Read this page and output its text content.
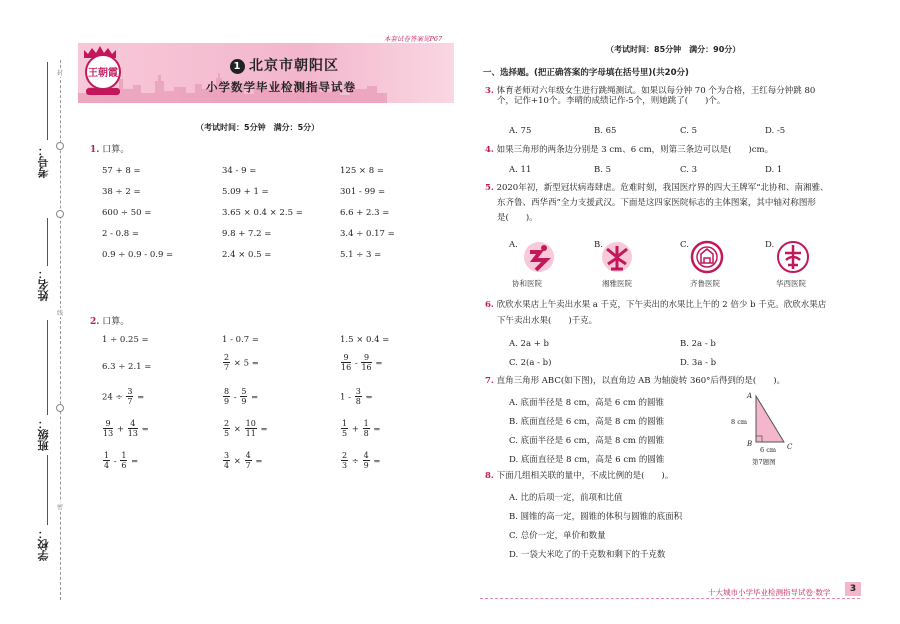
封
线
密
考号：
姓名：
班级：
学校：
王朝霞
本套试卷答案见P67
1 北京市朝阳区
小学数学毕业检测指导试卷
（考试时间：5分钟　满分：5分）
1. 口算。
57 + 8 =	34 - 9 =	125 × 8 =
38 ÷ 2 =	5.09 + 1 =	301 - 99 =
600 ÷ 50 =	3.65 × 0.4 × 2.5 =	6.6 + 2.3 =
2 - 0.8 =	9.8 + 7.2 =	3.4 ÷ 0.17 =
0.9 ÷ 0.9 - 0.9 =	2.4 × 0.5 =	5.1 ÷ 3 =
2. 口算。
1 ÷ 0.25 =	1 - 0.7 =	1.5 × 0.4 =
6.3 ÷ 2.1 =	$\frac{2}{7} \times 5$ =	$\frac{9}{16} - \frac{9}{16}$ =
$24 \div \frac{3}{7}$ =	$\frac{8}{9} - \frac{5}{9}$ =	$1 - \frac{3}{8}$ =
$\frac{9}{13} + \frac{4}{13}$ =	$\frac{2}{5} \times \frac{10}{11}$ =	$\frac{1}{5} + \frac{1}{8}$ =
$\frac{1}{4} - \frac{1}{6}$ =	$\frac{3}{4} \times \frac{4}{7}$ =	$\frac{2}{3} \div \frac{4}{9}$ =
（考试时间：85分钟　满分：90分）
一、选择题。(把正确答案的字母填在括号里)(共20分)
3. 体育老师对六年级女生进行跳绳测试。如果以每分钟 70 个为合格，王红每分钟跳 80
个，记作+10个。李晴的成绩记作-5个，则她跳了(　　)个。
A. 75	B. 65	C. 5	D. -5
4. 如果三角形的两条边分别是 3 cm、6 cm，则第三条边可以是(　　)cm。
A. 11	B. 5	C. 3	D. 1
5. 2020年初，新型冠状病毒肆虐。危难时刻，我国医疗界的四大王牌军“北协和、南湘雅、
东齐鲁、西华西”全力支援武汉。下面是这四家医院标志的主体图案，其中轴对称图形
是(　　)。
A.
协和医院
B.
湘雅医院
C.
齐鲁医院
D.
华西医院
6. 欣欣水果店上午卖出水果 a 千克，下午卖出的水果比上午的 2 倍少 b 千克。欣欣水果店
下午卖出水果(　　)千克。
A. 2a + b	B. 2a - b
C. 2(a - b)	D. 3a - b
7. 直角三角形 ABC(如下图)，以直角边 AB 为轴旋转 360°后得到的是(　　)。
A. 底面半径是 8 cm，高是 6 cm 的圆锥
B. 底面直径是 6 cm，高是 8 cm 的圆锥
C. 底面半径是 6 cm，高是 8 cm 的圆锥
D. 底面直径是 8 cm，高是 6 cm 的圆锥
A
B	C
8 cm
6 cm
第7题图
8. 下面几组相关联的量中，不成比例的是(　　)。
A. 比的后项一定，前项和比值
B. 圆锥的高一定，圆锥的体积与圆锥的底面积
C. 总价一定，单价和数量
D. 一袋大米吃了的千克数和剩下的千克数
十大城市小学毕业检测指导试卷·数学	3
